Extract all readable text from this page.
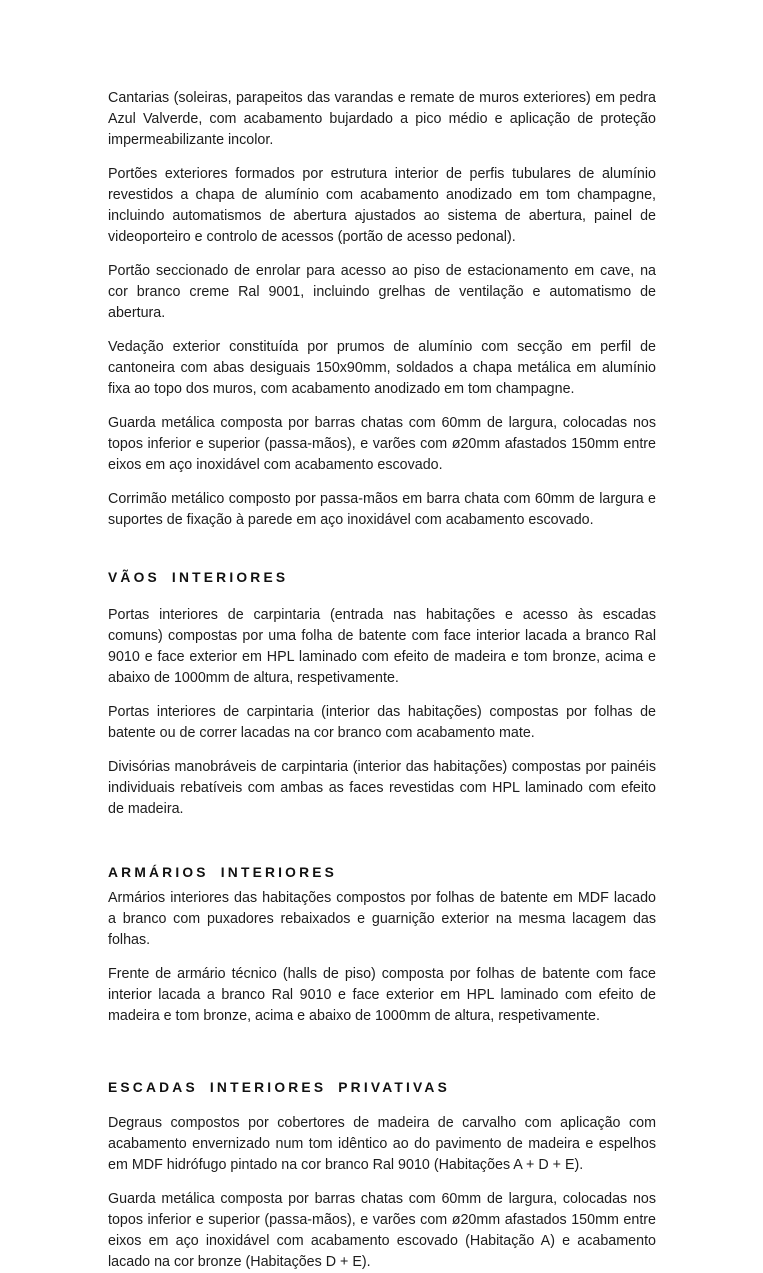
Cantarias (soleiras, parapeitos das varandas e remate de muros exteriores) em pedra Azul Valverde, com acabamento bujardado a pico médio e aplicação de proteção impermeabilizante incolor.

Portões exteriores formados por estrutura interior de perfis tubulares de alumínio revestidos a chapa de alumínio com acabamento anodizado em tom champagne, incluindo automatismos de abertura ajustados ao sistema de abertura, painel de videoporteiro e controlo de acessos (portão de acesso pedonal).

Portão seccionado de enrolar para acesso ao piso de estacionamento em cave, na cor branco creme Ral 9001, incluindo grelhas de ventilação e automatismo de abertura.

Vedação exterior constituída por prumos de alumínio com secção em perfil de cantoneira com abas desiguais 150x90mm, soldados a chapa metálica em alumínio fixa ao topo dos muros, com acabamento anodizado em tom champagne.

Guarda metálica composta por barras chatas com 60mm de largura, colocadas nos topos inferior e superior (passa-mãos), e varões com ø20mm afastados 150mm entre eixos em aço inoxidável com acabamento escovado.

Corrimão metálico composto por passa-mãos em barra chata com 60mm de largura e suportes de fixação à parede em aço inoxidável com acabamento escovado.

VÃOS INTERIORES

Portas interiores de carpintaria (entrada nas habitações e acesso às escadas comuns) compostas por uma folha de batente com face interior lacada a branco Ral 9010 e face exterior em HPL laminado com efeito de madeira e tom bronze, acima e abaixo de 1000mm de altura, respetivamente.

Portas interiores de carpintaria (interior das habitações) compostas por folhas de batente ou de correr lacadas na cor branco com acabamento mate.

Divisórias manobráveis de carpintaria (interior das habitações) compostas por painéis individuais rebatíveis com ambas as faces revestidas com HPL laminado com efeito de madeira.

ARMÁRIOS INTERIORES

Armários interiores das habitações compostos por folhas de batente em MDF lacado a branco com puxadores rebaixados e guarnição exterior na mesma lacagem das folhas.

Frente de armário técnico (halls de piso) composta por folhas de batente com face interior lacada a branco Ral 9010 e face exterior em HPL laminado com efeito de madeira e tom bronze, acima e abaixo de 1000mm de altura, respetivamente.

ESCADAS INTERIORES PRIVATIVAS

Degraus compostos por cobertores de madeira de carvalho com aplicação com acabamento envernizado num tom idêntico ao do pavimento de madeira e espelhos em MDF hidrófugo pintado na cor branco Ral 9010 (Habitações A + D + E).

Guarda metálica composta por barras chatas com 60mm de largura, colocadas nos topos inferior e superior (passa-mãos), e varões com ø20mm afastados 150mm entre eixos em aço inoxidável com acabamento escovado (Habitação A) e acabamento lacado na cor bronze (Habitações D + E).
